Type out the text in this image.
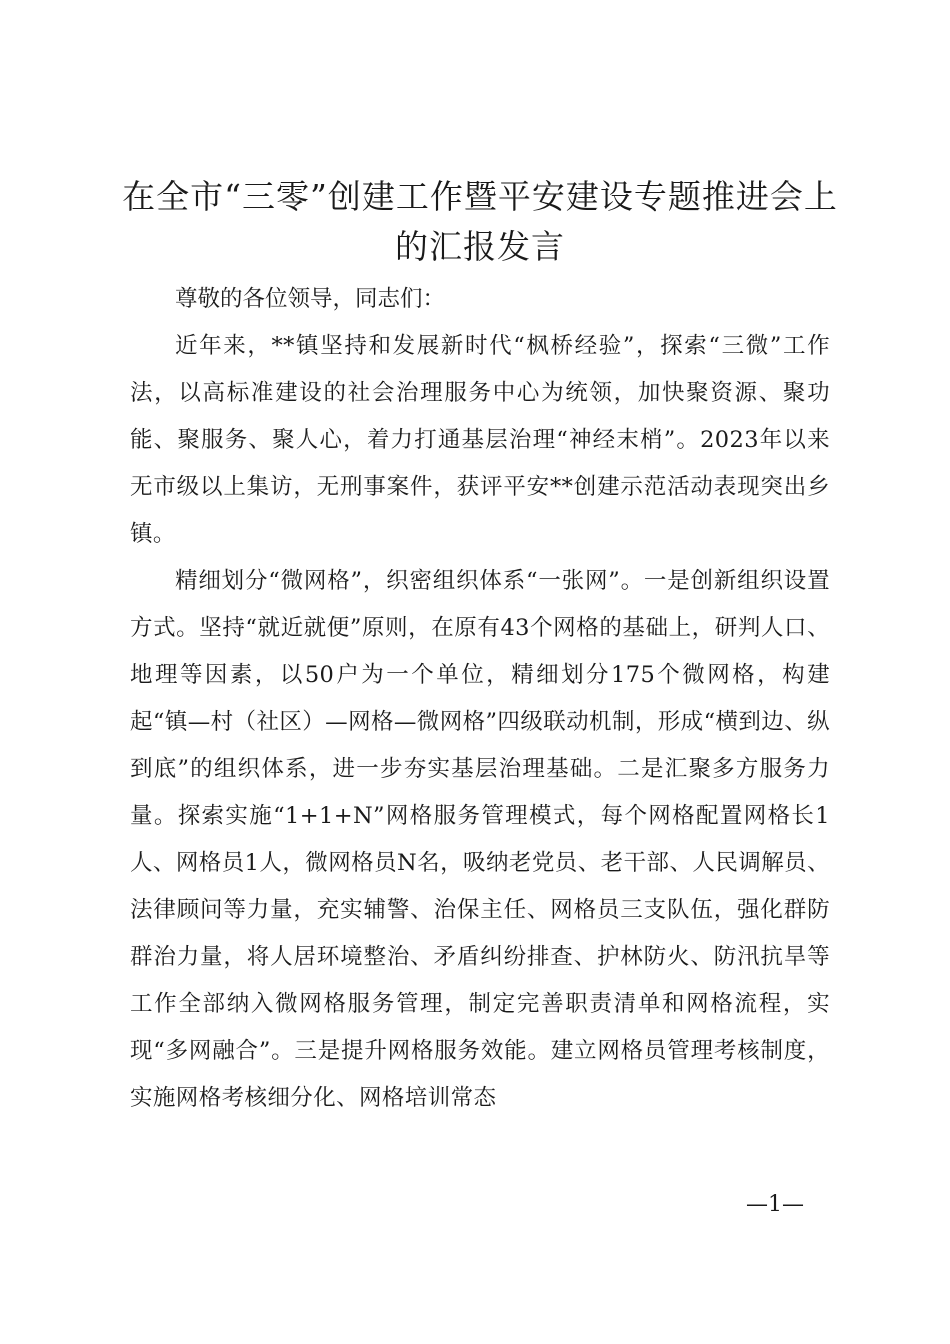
在全市“三零”创建工作暨平安建设专题推进会上的汇报发言

尊敬的各位领导，同志们：

近年来，**镇坚持和发展新时代“枫桥经验”，探索“三微”工作法，以高标准建设的社会治理服务中心为统领，加快聚资源、聚功能、聚服务、聚人心，着力打通基层治理“神经末梢”。2023年以来无市级以上集访，无刑事案件，获评平安**创建示范活动表现突出乡镇。

精细划分“微网格”，织密组织体系“一张网”。一是创新组织设置方式。坚持“就近就便”原则，在原有43个网格的基础上，研判人口、地理等因素，以50户为一个单位，精细划分175个微网格，构建起“镇—村（社区）—网格—微网格”四级联动机制，形成“横到边、纵到底”的组织体系，进一步夯实基层治理基础。二是汇聚多方服务力量。探索实施“1+1+N”网格服务管理模式，每个网格配置网格长1人、网格员1人，微网格员N名，吸纳老党员、老干部、人民调解员、法律顾问等力量，充实辅警、治保主任、网格员三支队伍，强化群防群治力量，将人居环境整治、矛盾纠纷排查、护林防火、防汛抗旱等工作全部纳入微网格服务管理，制定完善职责清单和网格流程，实现“多网融合”。三是提升网格服务效能。建立网格员管理考核制度，实施网格考核细分化、网格培训常态

—1—
